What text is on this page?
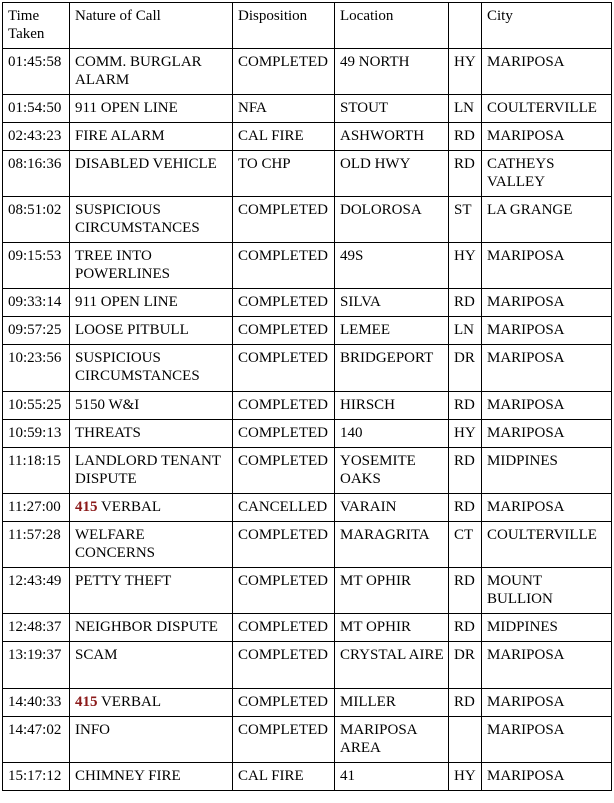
Time Taken	Nature of Call	Disposition	Location		City
01:45:58	COMM. BURGLAR ALARM	COMPLETED	49 NORTH	HY	MARIPOSA
01:54:50	911 OPEN LINE	NFA	STOUT	LN	COULTERVILLE
02:43:23	FIRE ALARM	CAL FIRE	ASHWORTH	RD	MARIPOSA
08:16:36	DISABLED VEHICLE	TO CHP	OLD HWY	RD	CATHEYS VALLEY
08:51:02	SUSPICIOUS CIRCUMSTANCES	COMPLETED	DOLOROSA	ST	LA GRANGE
09:15:53	TREE INTO POWERLINES	COMPLETED	49S	HY	MARIPOSA
09:33:14	911 OPEN LINE	COMPLETED	SILVA	RD	MARIPOSA
09:57:25	LOOSE PITBULL	COMPLETED	LEMEE	LN	MARIPOSA
10:23:56	SUSPICIOUS CIRCUMSTANCES	COMPLETED	BRIDGEPORT	DR	MARIPOSA
10:55:25	5150 W&I	COMPLETED	HIRSCH	RD	MARIPOSA
10:59:13	THREATS	COMPLETED	140	HY	MARIPOSA
11:18:15	LANDLORD TENANT DISPUTE	COMPLETED	YOSEMITE OAKS	RD	MIDPINES
11:27:00	415 VERBAL	CANCELLED	VARAIN	RD	MARIPOSA
11:57:28	WELFARE CONCERNS	COMPLETED	MARAGRITA	CT	COULTERVILLE
12:43:49	PETTY THEFT	COMPLETED	MT OPHIR	RD	MOUNT BULLION
12:48:37	NEIGHBOR DISPUTE	COMPLETED	MT OPHIR	RD	MIDPINES
13:19:37	SCAM	COMPLETED	CRYSTAL AIRE	DR	MARIPOSA
14:40:33	415 VERBAL	COMPLETED	MILLER	RD	MARIPOSA
14:47:02	INFO	COMPLETED	MARIPOSA AREA		MARIPOSA
15:17:12	CHIMNEY FIRE	CAL FIRE	41	HY	MARIPOSA
